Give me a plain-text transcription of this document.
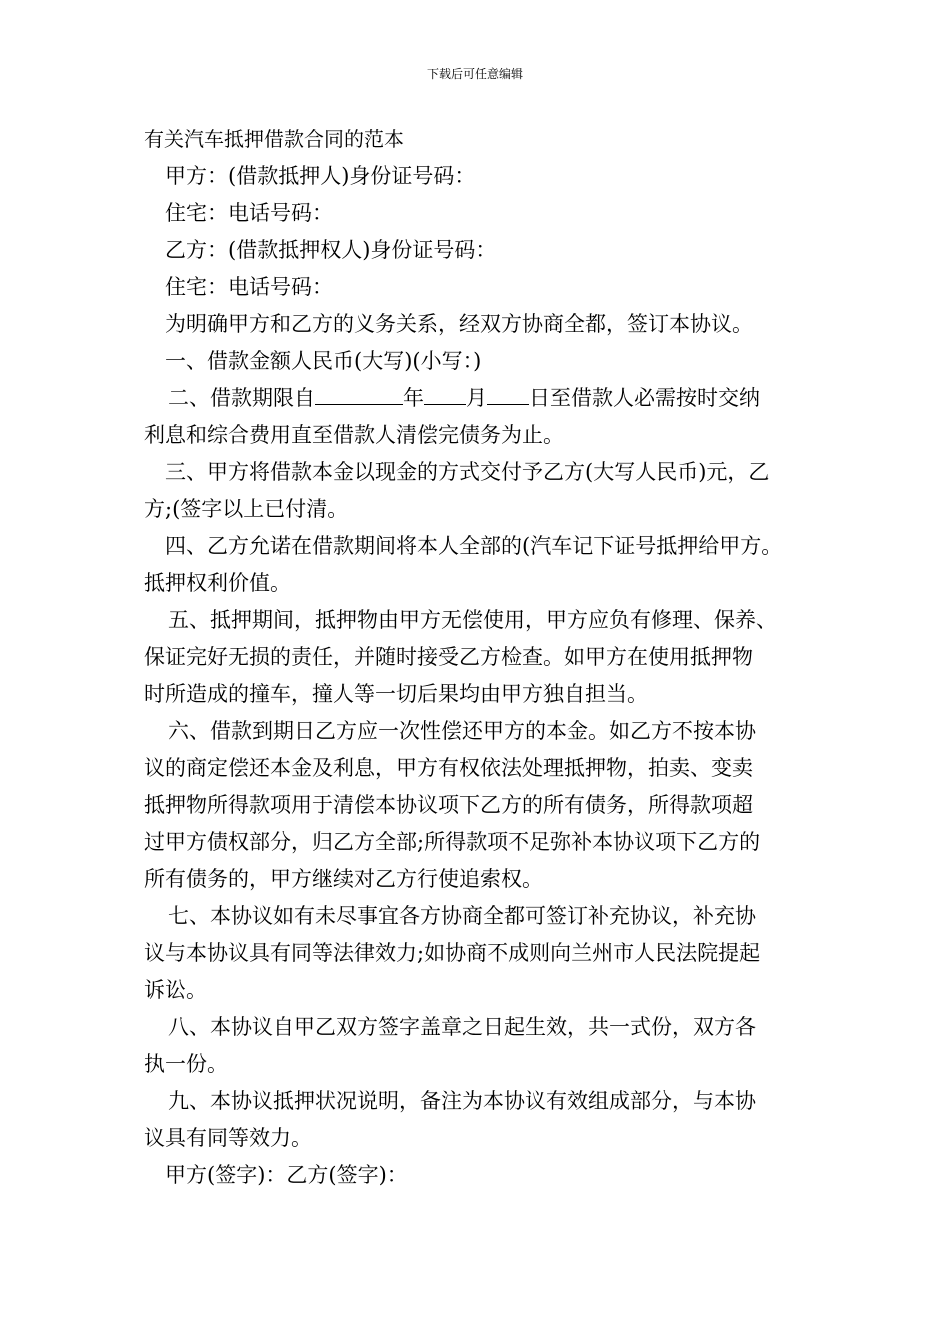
下载后可任意编辑
有关汽车抵押借款合同的范本
甲方：(借款抵押人)身份证号码：
住宅：电话号码：
乙方：(借款抵押权人)身份证号码：
住宅：电话号码：
为明确甲方和乙方的义务关系，经双方协商全都，签订本协议。
一、借款金额人民币(大写)(小写：)
二、借款期限自	年 月 日至借款人必需按时交纳
利息和综合费用直至借款人清偿完债务为止。
三、甲方将借款本金以现金的方式交付予乙方(大写人民币)元，乙
方;(签字以上已付清。
四、乙方允诺在借款期间将本人全部的(汽车记下证号抵押给甲方。
抵押权利价值。
五、抵押期间，抵押物由甲方无偿使用，甲方应负有修理、保养、
保证完好无损的责任，并随时接受乙方检查。如甲方在使用抵押物
时所造成的撞车，撞人等一切后果均由甲方独自担当。
六、借款到期日乙方应一次性偿还甲方的本金。如乙方不按本协
议的商定偿还本金及利息，甲方有权依法处理抵押物，拍卖、变卖
抵押物所得款项用于清偿本协议项下乙方的所有债务，所得款项超
过甲方债权部分，归乙方全部;所得款项不足弥补本协议项下乙方的
所有债务的，甲方继续对乙方行使追索权。
七、本协议如有未尽事宜各方协商全都可签订补充协议，补充协
议与本协议具有同等法律效力;如协商不成则向兰州市人民法院提起
诉讼。
八、本协议自甲乙双方签字盖章之日起生效，共一式份，双方各
执一份。
九、本协议抵押状况说明，备注为本协议有效组成部分，与本协
议具有同等效力。
甲方(签字)：乙方(签字)：
